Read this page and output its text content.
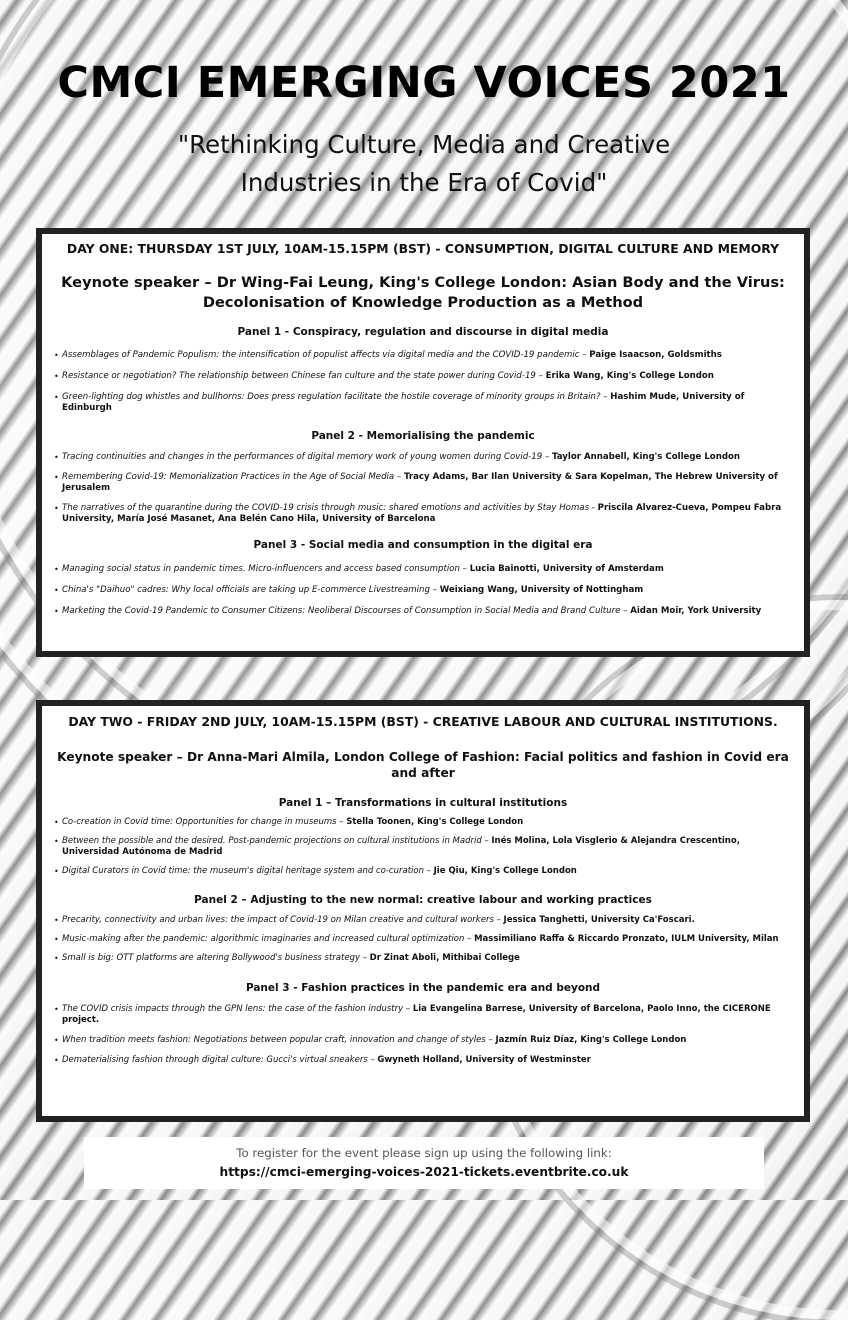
CMCI EMERGING VOICES 2021
"Rethinking Culture, Media and Creative
Industries in the Era of Covid"
DAY ONE: THURSDAY 1ST JULY, 10AM-15.15PM (BST) - CONSUMPTION, DIGITAL CULTURE AND MEMORY
Keynote speaker – Dr Wing-Fai Leung, King's College London: Asian Body and the Virus:
Decolonisation of Knowledge Production as a Method
Panel 1 - Conspiracy, regulation and discourse in digital media
• Assemblages of Pandemic Populism: the intensification of populist affects via digital media and the COVID-19 pandemic – Paige Isaacson, Goldsmiths
• Resistance or negotiation? The relationship between Chinese fan culture and the state power during Covid-19 – Erika Wang, King's College London
• Green-lighting dog whistles and bullhorns: Does press regulation facilitate the hostile coverage of minority groups in Britain? – Hashim Mude, University of Edinburgh
Panel 2 - Memorialising the pandemic
• Tracing continuities and changes in the performances of digital memory work of young women during Covid-19 – Taylor Annabell, King's College London
• Remembering Covid-19: Memorialization Practices in the Age of Social Media – Tracy Adams, Bar Ilan University & Sara Kopelman, The Hebrew University of Jerusalem
• The narratives of the quarantine during the COVID-19 crisis through music: shared emotions and activities by Stay Homas - Priscila Alvarez-Cueva, Pompeu Fabra University, María José Masanet, Ana Belén Cano Hila, University of Barcelona
Panel 3 - Social media and consumption in the digital era
• Managing social status in pandemic times. Micro-influencers and access based consumption – Lucia Bainotti, University of Amsterdam
• China's "Daihuo" cadres: Why local officials are taking up E-commerce Livestreaming – Weixiang Wang, University of Nottingham
• Marketing the Covid-19 Pandemic to Consumer Citizens: Neoliberal Discourses of Consumption in Social Media and Brand Culture – Aidan Moir, York University
DAY TWO - FRIDAY 2ND JULY, 10AM-15.15PM (BST) - CREATIVE LABOUR AND CULTURAL INSTITUTIONS.
Keynote speaker – Dr Anna-Mari Almila, London College of Fashion: Facial politics and fashion in Covid era and after
Panel 1 – Transformations in cultural institutions
• Co-creation in Covid time: Opportunities for change in museums – Stella Toonen, King's College London
• Between the possible and the desired. Post-pandemic projections on cultural institutions in Madrid – Inés Molina, Lola Visglerio & Alejandra Crescentino, Universidad Autónoma de Madrid
• Digital Curators in Covid time: the museum's digital heritage system and co-curation – Jie Qiu, King's College London
Panel 2 – Adjusting to the new normal: creative labour and working practices
• Precarity, connectivity and urban lives: the impact of Covid-19 on Milan creative and cultural workers – Jessica Tanghetti, University Ca'Foscari.
• Music-making after the pandemic: algorithmic imaginaries and increased cultural optimization – Massimiliano Raffa & Riccardo Pronzato, IULM University, Milan
• Small is big: OTT platforms are altering Bollywood's business strategy – Dr Zinat Aboli, Mithibai College
Panel 3 - Fashion practices in the pandemic era and beyond
• The COVID crisis impacts through the GPN lens: the case of the fashion industry – Lia Evangelina Barrese, University of Barcelona, Paolo Inno, the CICERONE project.
• When tradition meets fashion: Negotiations between popular craft, innovation and change of styles – Jazmín Ruiz Díaz, King's College London
• Dematerialising fashion through digital culture: Gucci's virtual sneakers – Gwyneth Holland, University of Westminster

To register for the event please sign up using the following link:

https://cmci-emerging-voices-2021-tickets.eventbrite.co.uk
